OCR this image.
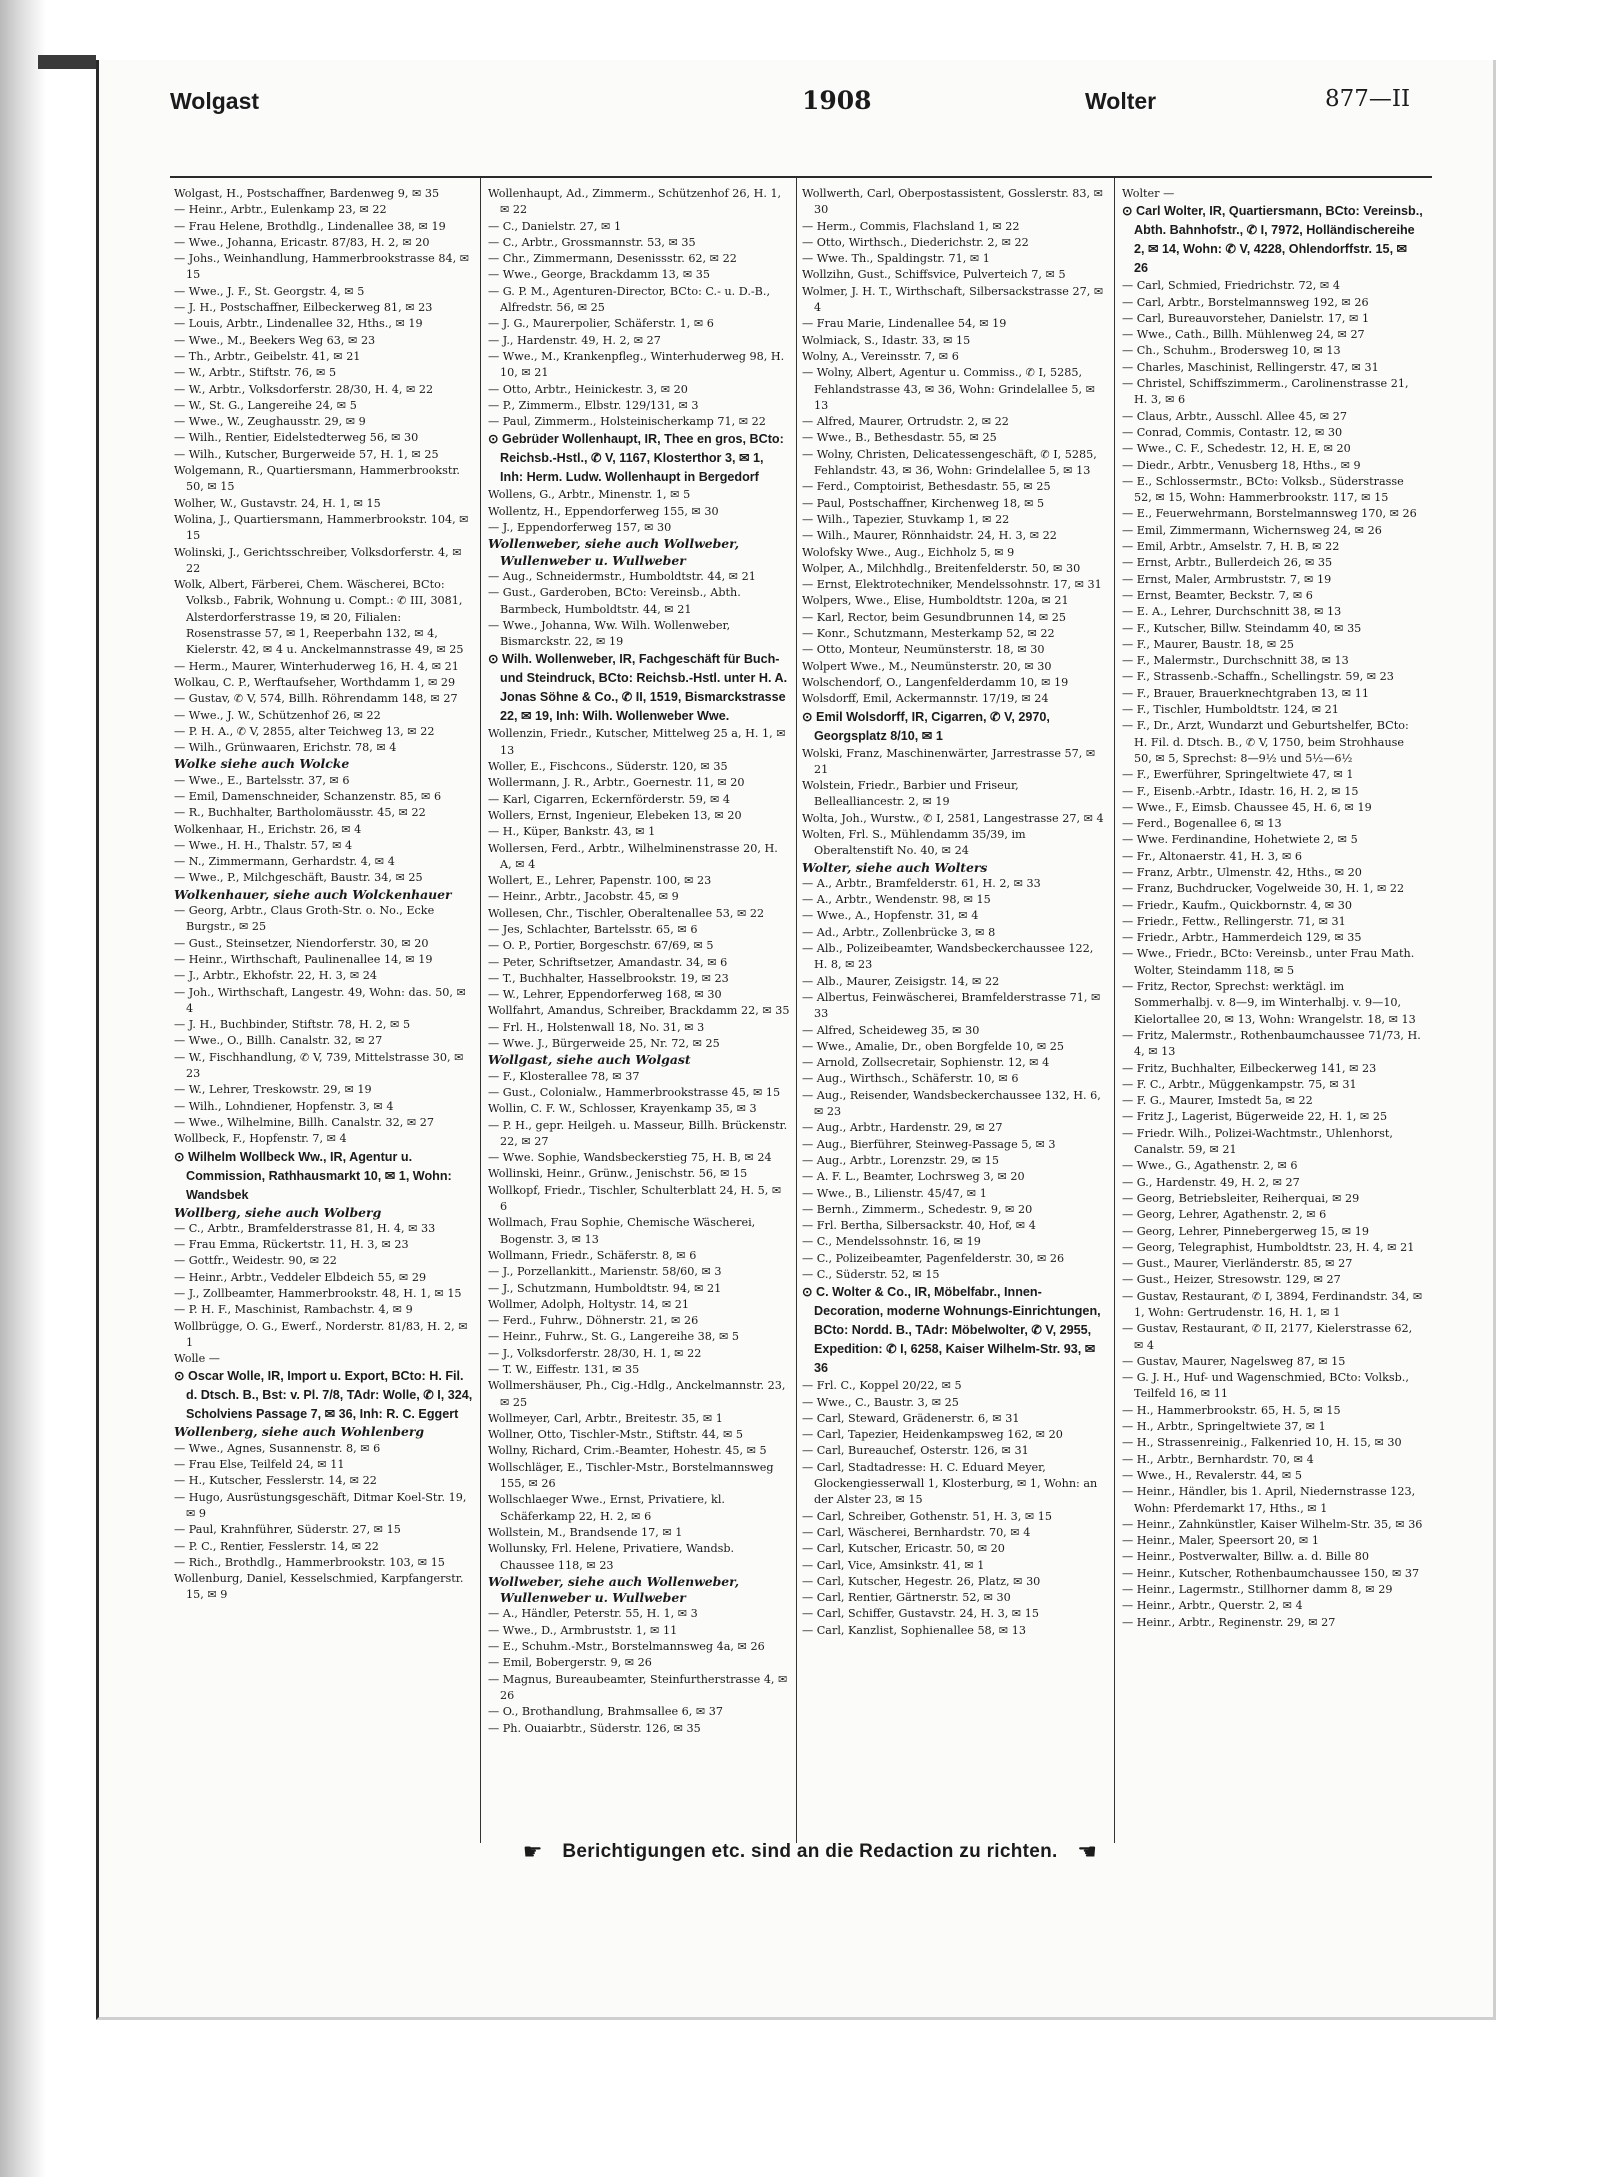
Wolgast	1908	Wolter	877—II

Wolgast, H., Postschaffner, Bardenweg 9, ✉ 35

— Heinr., Arbtr., Eulenkamp 23, ✉ 22

— Frau Helene, Brothdlg., Lindenallee 38, ✉ 19

— Wwe., Johanna, Ericastr. 87/83, H. 2, ✉ 20

— Johs., Weinhandlung, Hammerbrookstrasse 84, ✉ 15

— Wwe., J. F., St. Georgstr. 4, ✉ 5

— J. H., Postschaffner, Eilbeckerweg 81, ✉ 23

— Louis, Arbtr., Lindenallee 32, Hths., ✉ 19

— Wwe., M., Beekers Weg 63, ✉ 23

— Th., Arbtr., Geibelstr. 41, ✉ 21

— W., Arbtr., Stiftstr. 76, ✉ 5

— W., Arbtr., Volksdorferstr. 28/30, H. 4, ✉ 22

— W., St. G., Langereihe 24, ✉ 5

— Wwe., W., Zeughausstr. 29, ✉ 9

— Wilh., Rentier, Eidelstedterweg 56, ✉ 30

— Wilh., Kutscher, Burgerweide 57, H. 1, ✉ 25

Wolgemann, R., Quartiersmann, Hammerbrookstr. 50, ✉ 15

Wolher, W., Gustavstr. 24, H. 1, ✉ 15

Wolina, J., Quartiersmann, Hammerbrookstr. 104, ✉ 15

Wolinski, J., Gerichtsschreiber, Volksdorferstr. 4, ✉ 22

Wolk, Albert, Färberei, Chem. Wäscherei, BCto: Volksb., Fabrik, Wohnung u. Compt.: ✆ III, 3081, Alsterdorferstrasse 19, ✉ 20, Filialen: Rosenstrasse 57, ✉ 1, Reeperbahn 132, ✉ 4, Kielerstr. 42, ✉ 4 u. Anckelmannstrasse 49, ✉ 25

— Herm., Maurer, Winterhuderweg 16, H. 4, ✉ 21

Wolkau, C. P., Werftaufseher, Worthdamm 1, ✉ 29

— Gustav, ✆ V, 574, Billh. Röhrendamm 148, ✉ 27

— Wwe., J. W., Schützenhof 26, ✉ 22

— P. H. A., ✆ V, 2855, alter Teichweg 13, ✉ 22

— Wilh., Grünwaaren, Erichstr. 78, ✉ 4

Wolke siehe auch Wolcke

— Wwe., E., Bartelsstr. 37, ✉ 6

— Emil, Damenschneider, Schanzenstr. 85, ✉ 6

— R., Buchhalter, Bartholomäusstr. 45, ✉ 22

Wolkenhaar, H., Erichstr. 26, ✉ 4

— Wwe., H. H., Thalstr. 57, ✉ 4

— N., Zimmermann, Gerhardstr. 4, ✉ 4

— Wwe., P., Milchgeschäft, Baustr. 34, ✉ 25

Wolkenhauer, siehe auch Wolckenhauer

— Georg, Arbtr., Claus Groth-Str. o. No., Ecke Burgstr., ✉ 25

— Gust., Steinsetzer, Niendorferstr. 30, ✉ 20

— Heinr., Wirthschaft, Paulinenallee 14, ✉ 19

— J., Arbtr., Ekhofstr. 22, H. 3, ✉ 24

— Joh., Wirthschaft, Langestr. 49, Wohn: das. 50, ✉ 4

— J. H., Buchbinder, Stiftstr. 78, H. 2, ✉ 5

— Wwe., O., Billh. Canalstr. 32, ✉ 27

— W., Fischhandlung, ✆ V, 739, Mittelstrasse 30, ✉ 23

— W., Lehrer, Treskowstr. 29, ✉ 19

— Wilh., Lohndiener, Hopfenstr. 3, ✉ 4

— Wwe., Wilhelmine, Billh. Canalstr. 32, ✉ 27

Wollbeck, F., Hopfenstr. 7, ✉ 4

⊙ Wilhelm Wollbeck Ww., IR, Agentur u. Commission, Rathhausmarkt 10, ✉ 1, Wohn: Wandsbek

Wollberg, siehe auch Wolberg

— C., Arbtr., Bramfelderstrasse 81, H. 4, ✉ 33

— Frau Emma, Rückertstr. 11, H. 3, ✉ 23

— Gottfr., Weidestr. 90, ✉ 22

— Heinr., Arbtr., Veddeler Elbdeich 55, ✉ 29

— J., Zollbeamter, Hammerbrookstr. 48, H. 1, ✉ 15

— P. H. F., Maschinist, Rambachstr. 4, ✉ 9

Wollbrügge, O. G., Ewerf., Norderstr. 81/83, H. 2, ✉ 1

Wolle —

⊙ Oscar Wolle, IR, Import u. Export, BCto: H. Fil. d. Dtsch. B., Bst: v. Pl. 7/8, TAdr: Wolle, ✆ I, 324, Scholviens Passage 7, ✉ 36, Inh: R. C. Eggert

Wollenberg, siehe auch Wohlenberg

— Wwe., Agnes, Susannenstr. 8, ✉ 6

— Frau Else, Teilfeld 24, ✉ 11

— H., Kutscher, Fesslerstr. 14, ✉ 22

— Hugo, Ausrüstungsgeschäft, Ditmar Koel-Str. 19, ✉ 9

— Paul, Krahnführer, Süderstr. 27, ✉ 15

— P. C., Rentier, Fesslerstr. 14, ✉ 22

— Rich., Brothdlg., Hammerbrookstr. 103, ✉ 15

Wollenburg, Daniel, Kesselschmied, Karpfangerstr. 15, ✉ 9

Wollenhaupt, Ad., Zimmerm., Schützenhof 26, H. 1, ✉ 22

— C., Danielstr. 27, ✉ 1

— C., Arbtr., Grossmannstr. 53, ✉ 35

— Chr., Zimmermann, Desenissstr. 62, ✉ 22

— Wwe., George, Brackdamm 13, ✉ 35

— G. P. M., Agenturen-Director, BCto: C.- u. D.-B., Alfredstr. 56, ✉ 25

— J. G., Maurerpolier, Schäferstr. 1, ✉ 6

— J., Hardenstr. 49, H. 2, ✉ 27

— Wwe., M., Krankenpfleg., Winterhuderweg 98, H. 10, ✉ 21

— Otto, Arbtr., Heinickestr. 3, ✉ 20

— P., Zimmerm., Elbstr. 129/131, ✉ 3

— Paul, Zimmerm., Holsteinischerkamp 71, ✉ 22

⊙ Gebrüder Wollenhaupt, IR, Thee en gros, BCto: Reichsb.-Hstl., ✆ V, 1167, Klosterthor 3, ✉ 1, Inh: Herm. Ludw. Wollenhaupt in Bergedorf

Wollens, G., Arbtr., Minenstr. 1, ✉ 5

Wollentz, H., Eppendorferweg 155, ✉ 30

— J., Eppendorferweg 157, ✉ 30

Wollenweber, siehe auch Wollweber, Wullenweber u. Wullweber

— Aug., Schneidermstr., Humboldtstr. 44, ✉ 21

— Gust., Garderoben, BCto: Vereinsb., Abth. Barmbeck, Humboldtstr. 44, ✉ 21

— Wwe., Johanna, Ww. Wilh. Wollenweber, Bismarckstr. 22, ✉ 19

⊙ Wilh. Wollenweber, IR, Fachgeschäft für Buch- und Steindruck, BCto: Reichsb.-Hstl. unter H. A. Jonas Söhne & Co., ✆ II, 1519, Bismarckstrasse 22, ✉ 19, Inh: Wilh. Wollenweber Wwe.

Wollenzin, Friedr., Kutscher, Mittelweg 25 a, H. 1, ✉ 13

Woller, E., Fischcons., Süderstr. 120, ✉ 35

Wollermann, J. R., Arbtr., Goernestr. 11, ✉ 20

— Karl, Cigarren, Eckernförderstr. 59, ✉ 4

Wollers, Ernst, Ingenieur, Elebeken 13, ✉ 20

— H., Küper, Bankstr. 43, ✉ 1

Wollersen, Ferd., Arbtr., Wilhelminenstrasse 20, H. A, ✉ 4

Wollert, E., Lehrer, Papenstr. 100, ✉ 23

— Heinr., Arbtr., Jacobstr. 45, ✉ 9

Wollesen, Chr., Tischler, Oberaltenallee 53, ✉ 22

— Jes, Schlachter, Bartelsstr. 65, ✉ 6

— O. P., Portier, Borgeschstr. 67/69, ✉ 5

— Peter, Schriftsetzer, Amandastr. 34, ✉ 6

— T., Buchhalter, Hasselbrookstr. 19, ✉ 23

— W., Lehrer, Eppendorferweg 168, ✉ 30

Wollfahrt, Amandus, Schreiber, Brackdamm 22, ✉ 35

— Frl. H., Holstenwall 18, No. 31, ✉ 3

— Wwe. J., Bürgerweide 25, Nr. 72, ✉ 25

Wollgast, siehe auch Wolgast

— F., Klosterallee 78, ✉ 37

— Gust., Colonialw., Hammerbrookstrasse 45, ✉ 15

Wollin, C. F. W., Schlosser, Krayenkamp 35, ✉ 3

— P. H., gepr. Heilgeh. u. Masseur, Billh. Brückenstr. 22, ✉ 27

— Wwe. Sophie, Wandsbeckerstieg 75, H. B, ✉ 24

Wollinski, Heinr., Grünw., Jenischstr. 56, ✉ 15

Wollkopf, Friedr., Tischler, Schulterblatt 24, H. 5, ✉ 6

Wollmach, Frau Sophie, Chemische Wäscherei, Bogenstr. 3, ✉ 13

Wollmann, Friedr., Schäferstr. 8, ✉ 6

— J., Porzellankitt., Marienstr. 58/60, ✉ 3

— J., Schutzmann, Humboldtstr. 94, ✉ 21

Wollmer, Adolph, Holtystr. 14, ✉ 21

— Ferd., Fuhrw., Döhnerstr. 21, ✉ 26

— Heinr., Fuhrw., St. G., Langereihe 38, ✉ 5

— J., Volksdorferstr. 28/30, H. 1, ✉ 22

— T. W., Eiffestr. 131, ✉ 35

Wollmershäuser, Ph., Cig.-Hdlg., Anckelmannstr. 23, ✉ 25

Wollmeyer, Carl, Arbtr., Breitestr. 35, ✉ 1

Wollner, Otto, Tischler-Mstr., Stiftstr. 44, ✉ 5

Wollny, Richard, Crim.-Beamter, Hohestr. 45, ✉ 5

Wollschläger, E., Tischler-Mstr., Borstelmannsweg 155, ✉ 26

Wollschlaeger Wwe., Ernst, Privatiere, kl. Schäferkamp 22, H. 2, ✉ 6

Wollstein, M., Brandsende 17, ✉ 1

Wollunsky, Frl. Helene, Privatiere, Wandsb. Chaussee 118, ✉ 23

Wollweber, siehe auch Wollenweber, Wullenweber u. Wullweber

— A., Händler, Peterstr. 55, H. 1, ✉ 3

— Wwe., D., Armbruststr. 1, ✉ 11

— E., Schuhm.-Mstr., Borstelmannsweg 4a, ✉ 26

— Emil, Bobergerstr. 9, ✉ 26

— Magnus, Bureaubeamter, Steinfurtherstrasse 4, ✉ 26

— O., Brothandlung, Brahmsallee 6, ✉ 37

— Ph. Ouaiarbtr., Süderstr. 126, ✉ 35

Wollwerth, Carl, Oberpostassistent, Gosslerstr. 83, ✉ 30

— Herm., Commis, Flachsland 1, ✉ 22

— Otto, Wirthsch., Diederichstr. 2, ✉ 22

— Wwe. Th., Spaldingstr. 71, ✉ 1

Wollzihn, Gust., Schiffsvice, Pulverteich 7, ✉ 5

Wolmer, J. H. T., Wirthschaft, Silbersackstrasse 27, ✉ 4

— Frau Marie, Lindenallee 54, ✉ 19

Wolmiack, S., Idastr. 33, ✉ 15

Wolny, A., Vereinsstr. 7, ✉ 6

— Wolny, Albert, Agentur u. Commiss., ✆ I, 5285, Fehlandstrasse 43, ✉ 36, Wohn: Grindelallee 5, ✉ 13

— Alfred, Maurer, Ortrudstr. 2, ✉ 22

— Wwe., B., Bethesdastr. 55, ✉ 25

— Wolny, Christen, Delicatessengeschäft, ✆ I, 5285, Fehlandstr. 43, ✉ 36, Wohn: Grindelallee 5, ✉ 13

— Ferd., Comptoirist, Bethesdastr. 55, ✉ 25

— Paul, Postschaffner, Kirchenweg 18, ✉ 5

— Wilh., Tapezier, Stuvkamp 1, ✉ 22

— Wilh., Maurer, Rönnhaidstr. 24, H. 3, ✉ 22

Wolofsky Wwe., Aug., Eichholz 5, ✉ 9

Wolper, A., Milchhdlg., Breitenfelderstr. 50, ✉ 30

— Ernst, Elektrotechniker, Mendelssohnstr. 17, ✉ 31

Wolpers, Wwe., Elise, Humboldtstr. 120a, ✉ 21

— Karl, Rector, beim Gesundbrunnen 14, ✉ 25

— Konr., Schutzmann, Mesterkamp 52, ✉ 22

— Otto, Monteur, Neumünsterstr. 18, ✉ 30

Wolpert Wwe., M., Neumünsterstr. 20, ✉ 30

Wolschendorf, O., Langenfelderdamm 10, ✉ 19

Wolsdorff, Emil, Ackermannstr. 17/19, ✉ 24

⊙ Emil Wolsdorff, IR, Cigarren, ✆ V, 2970, Georgsplatz 8/10, ✉ 1

Wolski, Franz, Maschinenwärter, Jarrestrasse 57, ✉ 21

Wolstein, Friedr., Barbier und Friseur, Bellealliancestr. 2, ✉ 19

Wolta, Joh., Wurstw., ✆ I, 2581, Langestrasse 27, ✉ 4

Wolten, Frl. S., Mühlendamm 35/39, im Oberaltenstift No. 40, ✉ 24

Wolter, siehe auch Wolters

— A., Arbtr., Bramfelderstr. 61, H. 2, ✉ 33

— A., Arbtr., Wendenstr. 98, ✉ 15

— Wwe., A., Hopfenstr. 31, ✉ 4

— Ad., Arbtr., Zollenbrücke 3, ✉ 8

— Alb., Polizeibeamter, Wandsbeckerchaussee 122, H. 8, ✉ 23

— Alb., Maurer, Zeisigstr. 14, ✉ 22

— Albertus, Feinwäscherei, Bramfelderstrasse 71, ✉ 33

— Alfred, Scheideweg 35, ✉ 30

— Wwe., Amalie, Dr., oben Borgfelde 10, ✉ 25

— Arnold, Zollsecretair, Sophienstr. 12, ✉ 4

— Aug., Wirthsch., Schäferstr. 10, ✉ 6

— Aug., Reisender, Wandsbeckerchaussee 132, H. 6, ✉ 23

— Aug., Arbtr., Hardenstr. 29, ✉ 27

— Aug., Bierführer, Steinweg-Passage 5, ✉ 3

— Aug., Arbtr., Lorenzstr. 29, ✉ 15

— A. F. L., Beamter, Lochrsweg 3, ✉ 20

— Wwe., B., Lilienstr. 45/47, ✉ 1

— Bernh., Zimmerm., Schedestr. 9, ✉ 20

— Frl. Bertha, Silbersackstr. 40, Hof, ✉ 4

— C., Mendelssohnstr. 16, ✉ 19

— C., Polizeibeamter, Pagenfelderstr. 30, ✉ 26

— C., Süderstr. 52, ✉ 15

⊙ C. Wolter & Co., IR, Möbelfabr., Innen-Decoration, moderne Wohnungs-Einrichtungen, BCto: Nordd. B., TAdr: Möbelwolter, ✆ V, 2955, Expedition: ✆ I, 6258, Kaiser Wilhelm-Str. 93, ✉ 36

— Frl. C., Koppel 20/22, ✉ 5

— Wwe., C., Baustr. 3, ✉ 25

— Carl, Steward, Grädenerstr. 6, ✉ 31

— Carl, Tapezier, Heidenkampsweg 162, ✉ 20

— Carl, Bureauchef, Osterstr. 126, ✉ 31

— Carl, Stadtadresse: H. C. Eduard Meyer, Glockengiesserwall 1, Klosterburg, ✉ 1, Wohn: an der Alster 23, ✉ 15

— Carl, Schreiber, Gothenstr. 51, H. 3, ✉ 15

— Carl, Wäscherei, Bernhardstr. 70, ✉ 4

— Carl, Kutscher, Ericastr. 50, ✉ 20

— Carl, Vice, Amsinkstr. 41, ✉ 1

— Carl, Kutscher, Hegestr. 26, Platz, ✉ 30

— Carl, Rentier, Gärtnerstr. 52, ✉ 30

— Carl, Schiffer, Gustavstr. 24, H. 3, ✉ 15

— Carl, Kanzlist, Sophienallee 58, ✉ 13

Wolter —

⊙ Carl Wolter, IR, Quartiersmann, BCto: Vereinsb., Abth. Bahnhofstr., ✆ I, 7972, Holländischereihe 2, ✉ 14, Wohn: ✆ V, 4228, Ohlendorffstr. 15, ✉ 26

— Carl, Schmied, Friedrichstr. 72, ✉ 4

— Carl, Arbtr., Borstelmannsweg 192, ✉ 26

— Carl, Bureauvorsteher, Danielstr. 17, ✉ 1

— Wwe., Cath., Billh. Mühlenweg 24, ✉ 27

— Ch., Schuhm., Brodersweg 10, ✉ 13

— Charles, Maschinist, Rellingerstr. 47, ✉ 31

— Christel, Schiffszimmerm., Carolinenstrasse 21, H. 3, ✉ 6

— Claus, Arbtr., Ausschl. Allee 45, ✉ 27

— Conrad, Commis, Contastr. 12, ✉ 30

— Wwe., C. F., Schedestr. 12, H. E, ✉ 20

— Diedr., Arbtr., Venusberg 18, Hths., ✉ 9

— E., Schlossermstr., BCto: Volksb., Süderstrasse 52, ✉ 15, Wohn: Hammerbrookstr. 117, ✉ 15

— E., Feuerwehrmann, Borstelmannsweg 170, ✉ 26

— Emil, Zimmermann, Wichernsweg 24, ✉ 26

— Emil, Arbtr., Amselstr. 7, H. B, ✉ 22

— Ernst, Arbtr., Bullerdeich 26, ✉ 35

— Ernst, Maler, Armbruststr. 7, ✉ 19

— Ernst, Beamter, Beckstr. 7, ✉ 6

— E. A., Lehrer, Durchschnitt 38, ✉ 13

— F., Kutscher, Billw. Steindamm 40, ✉ 35

— F., Maurer, Baustr. 18, ✉ 25

— F., Malermstr., Durchschnitt 38, ✉ 13

— F., Strassenb.-Schaffn., Schellingstr. 59, ✉ 23

— F., Brauer, Brauerknechtgraben 13, ✉ 11

— F., Tischler, Humboldtstr. 124, ✉ 21

— F., Dr., Arzt, Wundarzt und Geburtshelfer, BCto: H. Fil. d. Dtsch. B., ✆ V, 1750, beim Strohhause 50, ✉ 5, Sprechst: 8—9½ und 5½—6½

— F., Ewerführer, Springeltwiete 47, ✉ 1

— F., Eisenb.-Arbtr., Idastr. 16, H. 2, ✉ 15

— Wwe., F., Eimsb. Chaussee 45, H. 6, ✉ 19

— Ferd., Bogenallee 6, ✉ 13

— Wwe. Ferdinandine, Hohetwiete 2, ✉ 5

— Fr., Altonaerstr. 41, H. 3, ✉ 6

— Franz, Arbtr., Ulmenstr. 42, Hths., ✉ 20

— Franz, Buchdrucker, Vogelweide 30, H. 1, ✉ 22

— Friedr., Kaufm., Quickbornstr. 4, ✉ 30

— Friedr., Fettw., Rellingerstr. 71, ✉ 31

— Friedr., Arbtr., Hammerdeich 129, ✉ 35

— Wwe., Friedr., BCto: Vereinsb., unter Frau Math. Wolter, Steindamm 118, ✉ 5

— Fritz, Rector, Sprechst: werktägl. im Sommerhalbj. v. 8—9, im Winterhalbj. v. 9—10, Kielortallee 20, ✉ 13, Wohn: Wrangelstr. 18, ✉ 13

— Fritz, Malermstr., Rothenbaumchaussee 71/73, H. 4, ✉ 13

— Fritz, Buchhalter, Eilbeckerweg 141, ✉ 23

— F. C., Arbtr., Müggenkampstr. 75, ✉ 31

— F. G., Maurer, Imstedt 5a, ✉ 22

— Fritz J., Lagerist, Bügerweide 22, H. 1, ✉ 25

— Friedr. Wilh., Polizei-Wachtmstr., Uhlenhorst, Canalstr. 59, ✉ 21

— Wwe., G., Agathenstr. 2, ✉ 6

— G., Hardenstr. 49, H. 2, ✉ 27

— Georg, Betriebsleiter, Reiherquai, ✉ 29

— Georg, Lehrer, Agathenstr. 2, ✉ 6

— Georg, Lehrer, Pinnebergerweg 15, ✉ 19

— Georg, Telegraphist, Humboldtstr. 23, H. 4, ✉ 21

— Gust., Maurer, Vierländerstr. 85, ✉ 27

— Gust., Heizer, Stresowstr. 129, ✉ 27

— Gustav, Restaurant, ✆ I, 3894, Ferdinandstr. 34, ✉ 1, Wohn: Gertrudenstr. 16, H. 1, ✉ 1

— Gustav, Restaurant, ✆ II, 2177, Kielerstrasse 62, ✉ 4

— Gustav, Maurer, Nagelsweg 87, ✉ 15

— G. J. H., Huf- und Wagenschmied, BCto: Volksb., Teilfeld 16, ✉ 11

— H., Hammerbrookstr. 65, H. 5, ✉ 15

— H., Arbtr., Springeltwiete 37, ✉ 1

— H., Strassenreinig., Falkenried 10, H. 15, ✉ 30

— H., Arbtr., Bernhardstr. 70, ✉ 4

— Wwe., H., Revalerstr. 44, ✉ 5

— Heinr., Händler, bis 1. April, Niedernstrasse 123, Wohn: Pferdemarkt 17, Hths., ✉ 1

— Heinr., Zahnkünstler, Kaiser Wilhelm-Str. 35, ✉ 36

— Heinr., Maler, Speersort 20, ✉ 1

— Heinr., Postverwalter, Billw. a. d. Bille 80

— Heinr., Kutscher, Rothenbaumchaussee 150, ✉ 37

— Heinr., Lagermstr., Stillhorner damm 8, ✉ 29

— Heinr., Arbtr., Querstr. 2, ✉ 4

— Heinr., Arbtr., Reginenstr. 29, ✉ 27

☛ Berichtigungen etc. sind an die Redaction zu richten. ☛
